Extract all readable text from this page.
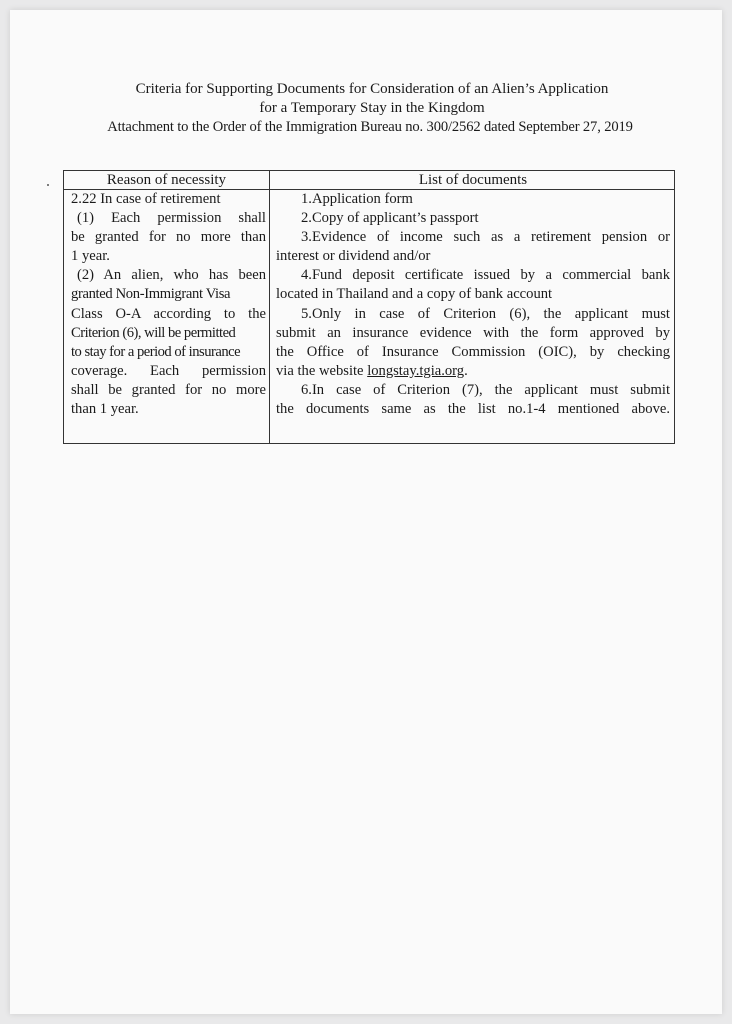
Criteria for Supporting Documents for Consideration of an Alien’s Application
for a Temporary Stay in the Kingdom
Attachment to the Order of the Immigration Bureau no. 300/2562 dated September 27, 2019
Reason of necessity	List of documents
2.22 In case of retirement
(1) Each permission shall
be granted for no more than
1 year.
(2) An alien, who has been
granted Non-Immigrant Visa
Class O-A according to the
Criterion (6), will be permitted
to stay for a period of insurance
coverage. Each permission
shall be granted for no more
than 1 year.
1.Application form
2.Copy of applicant’s passport
3.Evidence of income such as a retirement pension or
interest or dividend and/or
4.Fund deposit certificate issued by a commercial bank
located in Thailand and a copy of bank account
5.Only in case of Criterion (6), the applicant must
submit an insurance evidence with the form approved by
the Office of Insurance Commission (OIC), by checking
via the website longstay.tgia.org.
6.In case of Criterion (7), the applicant must submit
the documents same as the list no.1-4 mentioned above.
